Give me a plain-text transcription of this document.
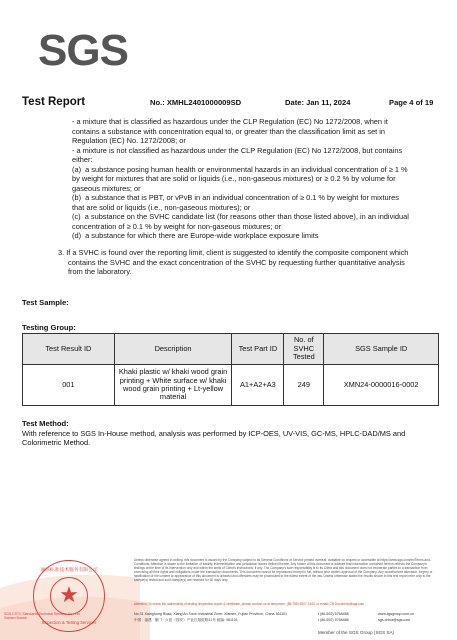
SGS
Test Report	No.: XMHL2401000009SD	Date: Jan 11, 2024	Page 4 of 19
- a mixture that is classified as hazardous under the CLP Regulation (EC) No 1272/2008, when it
contains a substance with concentration equal to, or greater than the classification limit as set in
Regulation (EC) No. 1272/2008; or
- a mixture is not classified as hazardous under the CLP Regulation (EC) No 1272/2008, but contains
either:
(a)  a substance posing human health or environmental hazards in an individual concentration of ≥ 1 %
by weight for mixtures that are solid or liquids (i.e., non-gaseous mixtures) or ≥ 0.2 % by volume for
gaseous mixtures; or
(b)  a substance that is PBT, or vPvB in an individual concentration of ≥ 0.1 % by weight for mixtures
that are solid or liquids (i.e., non-gaseous mixtures); or
(c)  a substance on the SVHC candidate list (for reasons other than those listed above), in an individual
concentration of ≥ 0.1 % by weight for non-gaseous mixtures; or
(d)  a substance for which there are Europe-wide workplace exposure limits
3. If a SVHC is found over the reporting limit, client is suggested to identify the composite component which
contains the SVHC and the exact concentration of the SVHC by requesting further quantitative analysis
from the laboratory.
Test Sample:
Testing Group:
Test Result ID	Description	Test Part ID	No. of SVHC Tested	SGS Sample ID
001	Khaki plastic w/ khaki wood grain printing + White surface w/ khaki wood grain printing + Lt-yellow material	A1+A2+A3	249	XMN24-0000016-0002
Test Method:
With reference to SGS In-House method, analysis was performed by ICP-OES, UV-VIS, GC-MS, HPLC-DAD/MS and Colorimetric Method.
★
通标标准技术服务有限公司
Inspection & Testing Services
SGS-CSTC Standards Technical Services Co., Ltd.
Xiamen Branch
Unless otherwise agreed in writing, this document is issued by the Company subject to its General Conditions of Service printed overleaf, available on request or accessible at https://www.sgs.com/en/Terms-and-Conditions. Attention is drawn to the limitation of liability, indemnification and jurisdiction issues defined therein. Any holder of this document is advised that information contained hereon reflects the Company's findings at the time of its intervention only and within the limits of Client's instructions, if any. The Company's sole responsibility is to its Client and this document does not exonerate parties to a transaction from exercising all their rights and obligations under the transaction documents. This document cannot be reproduced except in full, without prior written approval of the Company. Any unauthorized alteration, forgery or falsification of the content or appearance of this document is unlawful and offenders may be prosecuted to the fullest extent of the law. Unless otherwise stated the results shown in this test report refer only to the sample(s) tested and such sample(s) are retained for 30 days only.
Attention: To check the authenticity of testing /inspection report & certificate, please contact us at telephone: (86-755) 8307 1443, or email: CN.Doccheck@sgs.com
No.31 Xianghong Road, Xiang'An Torch Industrial Zone, Xiamen, Fujian Province, China 361101
中国 · 福建 · 厦门 · 火炬（翔安）产业区翔虹路31号 邮编: 361101
t (86-592) 5768488
t (86-592) 5768488
www.sgsgroup.com.cn
sgs.china@sgs.com
Member of the SGS Group (SGS SA)
